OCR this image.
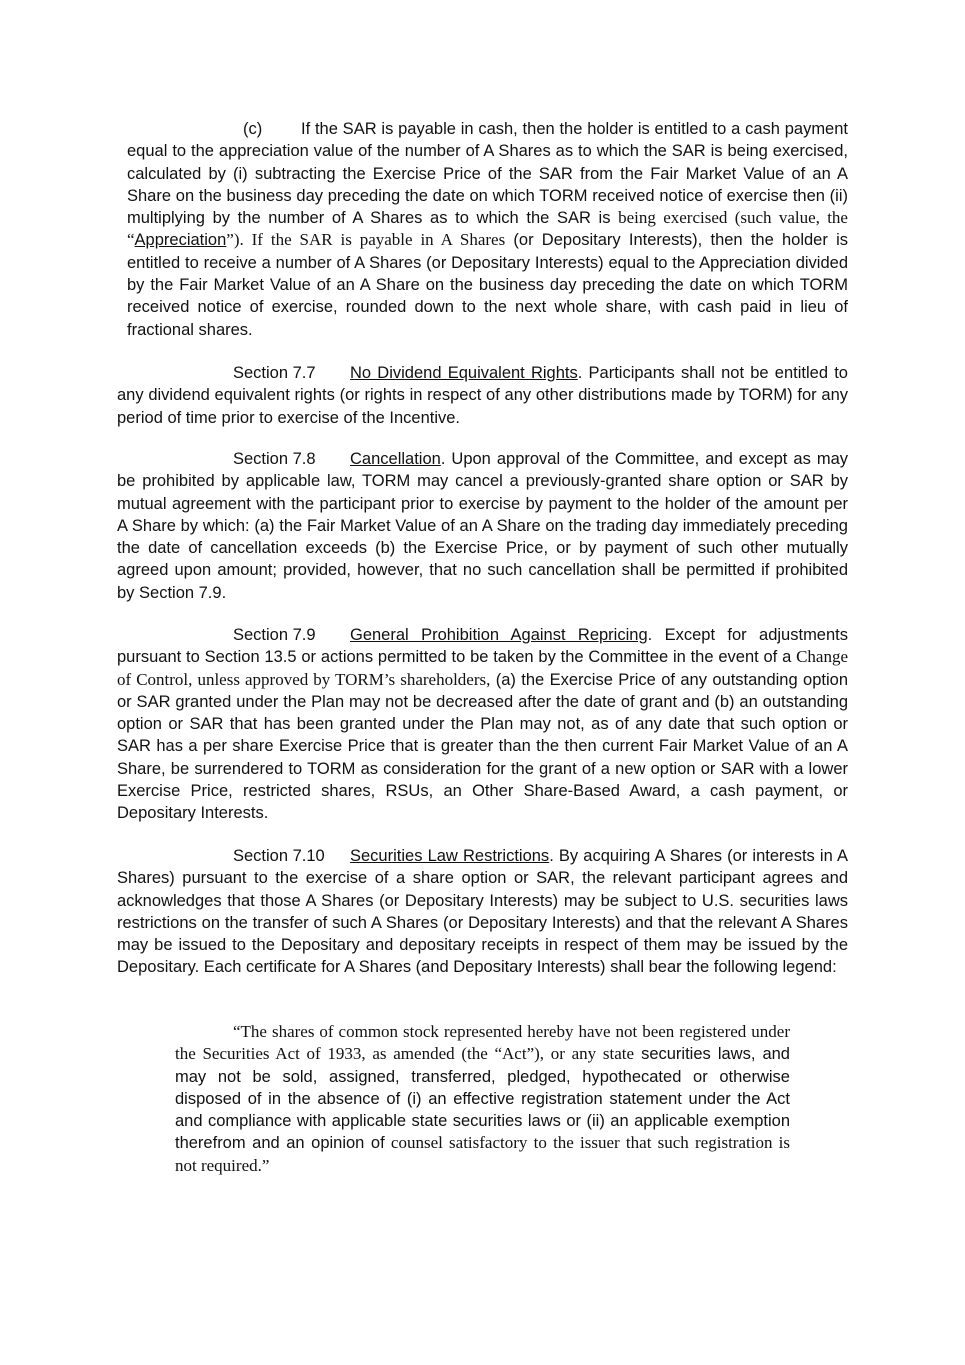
(c) If the SAR is payable in cash, then the holder is entitled to a cash payment equal to the appreciation value of the number of A Shares as to which the SAR is being exercised, calculated by (i) subtracting the Exercise Price of the SAR from the Fair Market Value of an A Share on the business day preceding the date on which TORM received notice of exercise then (ii) multiplying by the number of A Shares as to which the SAR is being exercised (such value, the “Appreciation”). If the SAR is payable in A Shares (or Depositary Interests), then the holder is entitled to receive a number of A Shares (or Depositary Interests) equal to the Appreciation divided by the Fair Market Value of an A Share on the business day preceding the date on which TORM received notice of exercise, rounded down to the next whole share, with cash paid in lieu of fractional shares.

Section 7.7 No Dividend Equivalent Rights. Participants shall not be entitled to any dividend equivalent rights (or rights in respect of any other distributions made by TORM) for any period of time prior to exercise of the Incentive.

Section 7.8 Cancellation. Upon approval of the Committee, and except as may be prohibited by applicable law, TORM may cancel a previously-granted share option or SAR by mutual agreement with the participant prior to exercise by payment to the holder of the amount per A Share by which: (a) the Fair Market Value of an A Share on the trading day immediately preceding the date of cancellation exceeds (b) the Exercise Price, or by payment of such other mutually agreed upon amount; provided, however, that no such cancellation shall be permitted if prohibited by Section 7.9.

Section 7.9 General Prohibition Against Repricing. Except for adjustments pursuant to Section 13.5 or actions permitted to be taken by the Committee in the event of a Change of Control, unless approved by TORM’s shareholders, (a) the Exercise Price of any outstanding option or SAR granted under the Plan may not be decreased after the date of grant and (b) an outstanding option or SAR that has been granted under the Plan may not, as of any date that such option or SAR has a per share Exercise Price that is greater than the then current Fair Market Value of an A Share, be surrendered to TORM as consideration for the grant of a new option or SAR with a lower Exercise Price, restricted shares, RSUs, an Other Share-Based Award, a cash payment, or Depositary Interests.

Section 7.10 Securities Law Restrictions. By acquiring A Shares (or interests in A Shares) pursuant to the exercise of a share option or SAR, the relevant participant agrees and acknowledges that those A Shares (or Depositary Interests) may be subject to U.S. securities laws restrictions on the transfer of such A Shares (or Depositary Interests) and that the relevant A Shares may be issued to the Depositary and depositary receipts in respect of them may be issued by the Depositary. Each certificate for A Shares (and Depositary Interests) shall bear the following legend:

“The shares of common stock represented hereby have not been registered under the Securities Act of 1933, as amended (the “Act”), or any state securities laws, and may not be sold, assigned, transferred, pledged, hypothecated or otherwise disposed of in the absence of (i) an effective registration statement under the Act and compliance with applicable state securities laws or (ii) an applicable exemption therefrom and an opinion of counsel satisfactory to the issuer that such registration is not required.”
